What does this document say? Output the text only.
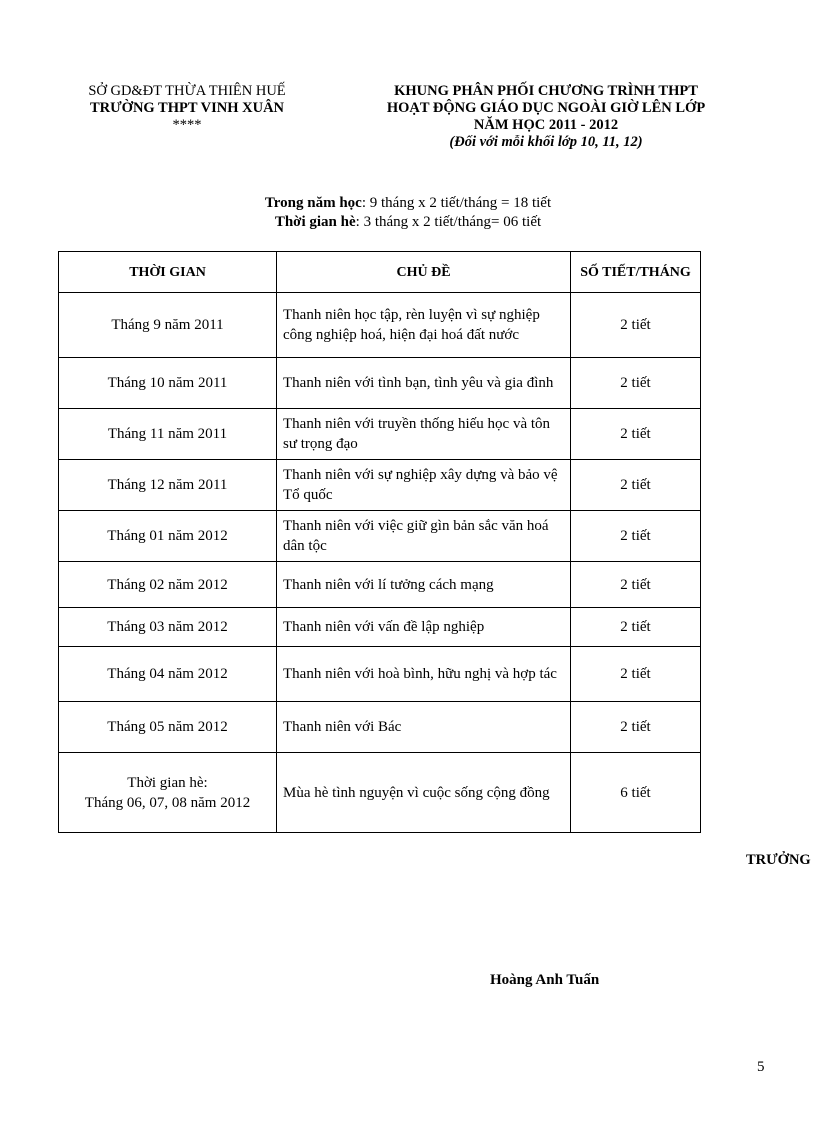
SỞ GD&ĐT THỪA THIÊN HUẾ
TRƯỜNG THPT VINH XUÂN
****
KHUNG PHÂN PHỐI CHƯƠNG TRÌNH THPT
HOẠT ĐỘNG GIÁO DỤC NGOÀI GIỜ LÊN LỚP
NĂM HỌC 2011 - 2012
(Đối với mỗi khối lớp 10, 11, 12)
Trong năm học: 9 tháng x 2 tiết/tháng = 18 tiết
Thời gian hè: 3 tháng x 2 tiết/tháng= 06 tiết
THỜI GIAN	CHỦ ĐỀ	SỐ TIẾT/THÁNG
Tháng 9 năm 2011	Thanh niên học tập, rèn luyện vì sự nghiệp công nghiệp hoá, hiện đại hoá đất nước	2 tiết
Tháng 10 năm 2011	Thanh niên với tình bạn, tình yêu và gia đình	2 tiết
Tháng 11 năm 2011	Thanh niên với truyền thống hiếu học và tôn sư trọng đạo	2 tiết
Tháng 12 năm 2011	Thanh niên với sự nghiệp xây dựng và bảo vệ Tổ quốc	2 tiết
Tháng 01 năm 2012	Thanh niên với việc giữ gìn bản sắc văn hoá dân tộc	2 tiết
Tháng 02 năm 2012	Thanh niên với lí tưởng cách mạng	2 tiết
Tháng 03 năm 2012	Thanh niên với vấn đề lập nghiệp	2 tiết
Tháng 04 năm 2012	Thanh niên với hoà bình, hữu nghị và hợp tác	2 tiết
Tháng 05 năm 2012	Thanh niên với Bác	2 tiết

Thời gian hè:
Tháng 06, 07, 08 năm 2012	Mùa hè tình nguyện vì cuộc sống cộng đồng	6 tiết
TRƯỞNG
Hoàng Anh Tuấn
5
